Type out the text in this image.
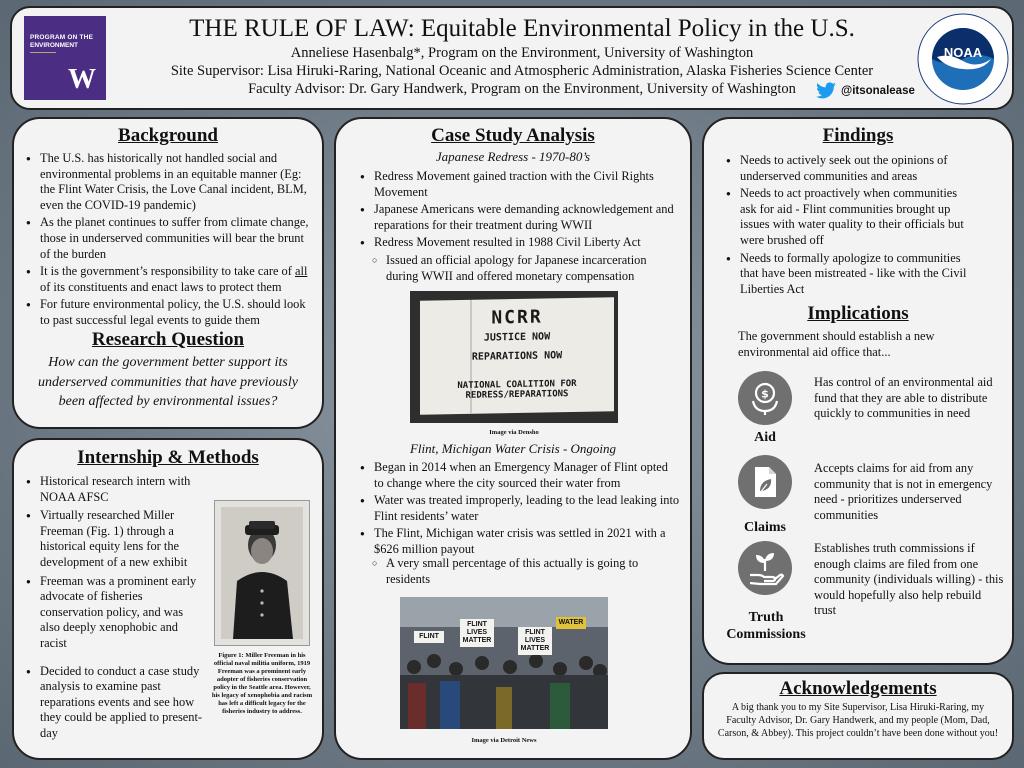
PROGRAM ON THE
ENVIRONMENT
W
THE RULE OF LAW: Equitable Environmental Policy in the U.S.
Anneliese Hasenbalg*, Program on the Environment, University of Washington
Site Supervisor: Lisa Hiruki-Raring, National Oceanic and Atmospheric Administration, Alaska Fisheries Science Center
Faculty Advisor: Dr. Gary Handwerk, Program on the Environment, University of Washington	@itsonalease
NOAA
Background
● The U.S. has historically not handled social and environmental problems in an equitable manner (Eg: the Flint Water Crisis, the Love Canal incident, BLM, even the COVID-19 pandemic)
● As the planet continues to suffer from climate change, those in underserved communities will bear the brunt of the burden
● It is the government’s responsibility to take care of all of its constituents and enact laws to protect them
● For future environmental policy, the U.S. should look to past successful legal events to guide them
Research Question
How can the government better support its underserved communities that have previously been affected by environmental issues?
Internship & Methods
● Historical research intern with NOAA AFSC
● Virtually researched Miller Freeman (Fig. 1) through a historical equity lens for the development of a new exhibit
● Freeman was a prominent early advocate of fisheries conservation policy, and was also deeply xenophobic and racist
● Decided to conduct a case study analysis to examine past reparations events and see how they could be applied to present-day
Figure 1: Miller Freeman in his official naval militia uniform, 1919 Freeman was a prominent early adopter of fisheries conservation policy in the Seattle area. However, his legacy of xenophobia and racism has left a difficult legacy for the fisheries industry to address.
Case Study Analysis
Japanese Redress - 1970-80’s
● Redress Movement gained traction with the Civil Rights Movement
● Japanese Americans were demanding acknowledgement and reparations for their treatment during WWII
● Redress Movement resulted in 1988 Civil Liberty Act
○ Issued an official apology for Japanese incarceration during WWII and offered monetary compensation
NCRR
JUSTICE NOW
REPARATIONS NOW
NATIONAL COALITION FOR
REDRESS/REPARATIONS
Image via Densho
Flint, Michigan Water Crisis - Ongoing
● Began in 2014 when an Emergency Manager of Flint opted to change where the city sourced their water from
● Water was treated improperly, leading to the lead leaking into Flint residents’ water
● The Flint, Michigan water crisis was settled in 2021 with a $626 million payout
○ A very small percentage of this actually is going to residents
FLINT LIVES MATTER
FLINT LIVES MATTER
WATER
FLINT
Image via Detroit News
Findings
● Needs to actively seek out the opinions of underserved communities and areas
● Needs to act proactively when communities ask for aid - Flint communities brought up issues with water quality to their officials but were brushed off
● Needs to formally apologize to communities that have been mistreated - like with the Civil Liberties Act
Implications

The government should establish a new environmental aid office that...

$
Aid
Has control of an environmental aid fund that they are able to distribute quickly to communities in need
Claims
Accepts claims for aid from any community that is not in emergency need - prioritizes underserved communities
Truth Commissions
Establishes truth commissions if enough claims are filed from one community (individuals willing) - this would hopefully also help rebuild trust
Acknowledgements
A big thank you to my Site Supervisor, Lisa Hiruki-Raring, my Faculty Advisor, Dr. Gary Handwerk, and my people (Mom, Dad, Carson, & Abbey). This project couldn’t have been done without you!
